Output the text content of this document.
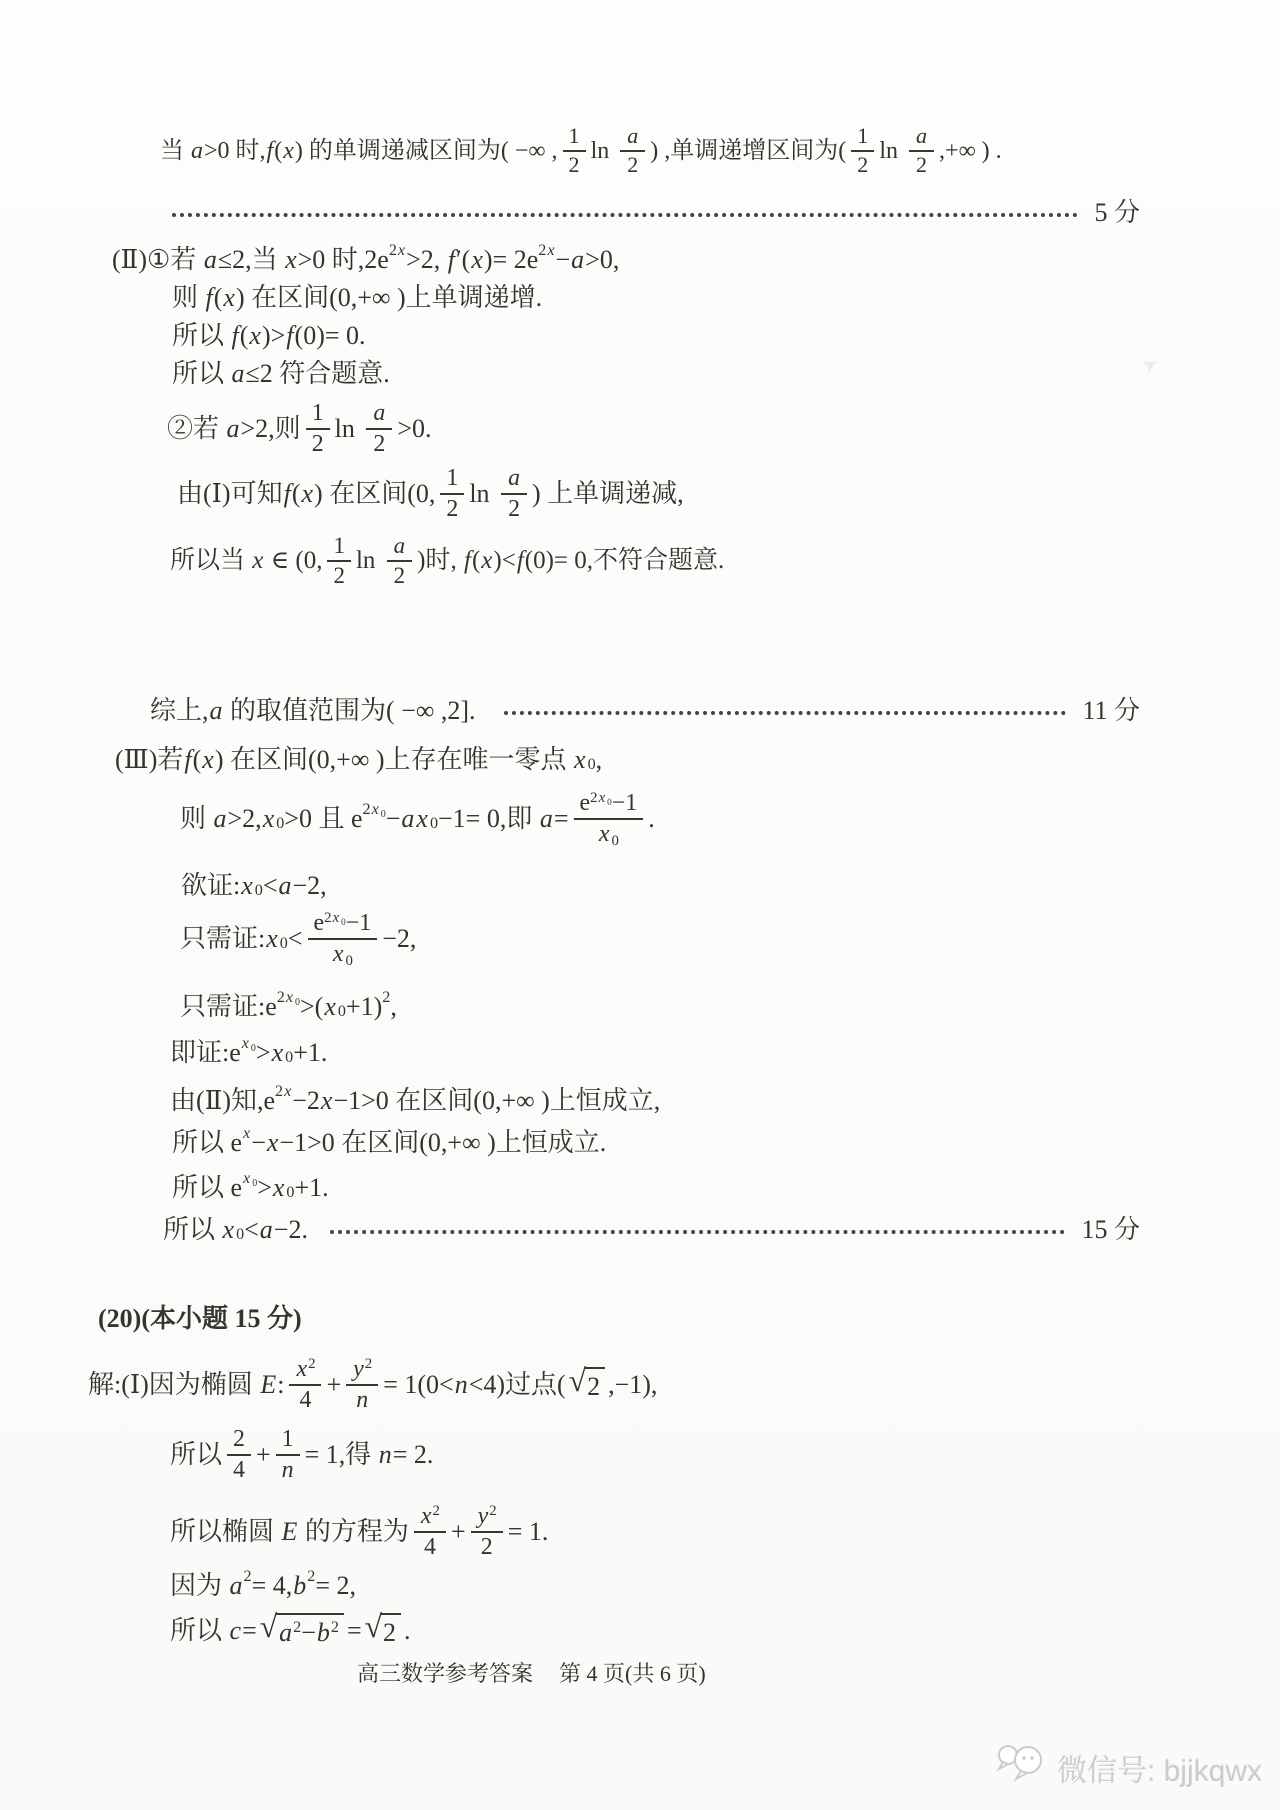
当 a >0 时, f ( x ) 的单调递减区间为( −∞ , $\frac{1}{2}$ $\ln \frac{a}{2}$ ) ,单调递增区间为( $\frac{1}{2}$ $\ln \frac{a}{2}$ ,+∞ ) .
5 分
(Ⅱ)①若 a ≤2,当 x >0 时,2e 2x >2, f ′( x )= 2e 2x − a >0,
则 f ( x ) 在区间(0,+∞ )上单调递增.
所以 f ( x )> f (0)= 0.
所以 a ≤2 符合题意.
②若 a >2,则 $\frac{1}{2}$ $\ln \frac{a}{2} >0$.
由(Ⅰ)可知 f ( x ) 在区间(0, $\frac{1}{2}$ $\ln \frac{a}{2}$ ) 上单调递减,
所以当 x ∈ (0, $\frac{1}{2}$ $\ln \frac{a}{2}$ )时, f ( x )< f (0)= 0,不符合题意.
综上, a 的取值范围为( −∞ ,2].	11 分
(Ⅲ)若 f ( x ) 在区间(0,+∞ )上存在唯一零点 x 0 ,
则 a >2, x 0 >0 且 e 2x 0 − a x 0 −1= 0,即 $a = \frac{e^{2x 0}-1}{x 0}$ .
欲证: x 0 < a −2,
只需证: x $0 < \frac{e^{2x 0}-1}{x 0} -2$,
只需证:e 2x 0 >( x 0 +1) 2 ,
即证:e x 0 > x 0 +1.
由(Ⅱ)知,e 2x −2 x −1>0 在区间(0,+∞ )上恒成立,
所以 e x − x −1>0 在区间(0,+∞ )上恒成立.
所以 e x 0 > x 0 +1.
所以 x 0 < a −2.	15 分
(20)(本小题 15 分)
解:(Ⅰ)因为椭圆 E : $\frac{x^2}{4} + \frac{y^2}{n} = 1(0< n <4)$过点( √ 2 ,−1),
所以 $\frac{2}{4} + \frac{1}{n} = 1$,得 n = 2.
所以椭圆 E 的方程为 $\frac{x^2}{4} + \frac{y^2}{2} = 1$.
因为 a 2 = 4, b 2 = 2,
所以 c = √ $a^2-b^2$ = √ 2 .
➤
高三数学参考答案 第 4 页(共 6 页)
微信号: bjjkqwx
